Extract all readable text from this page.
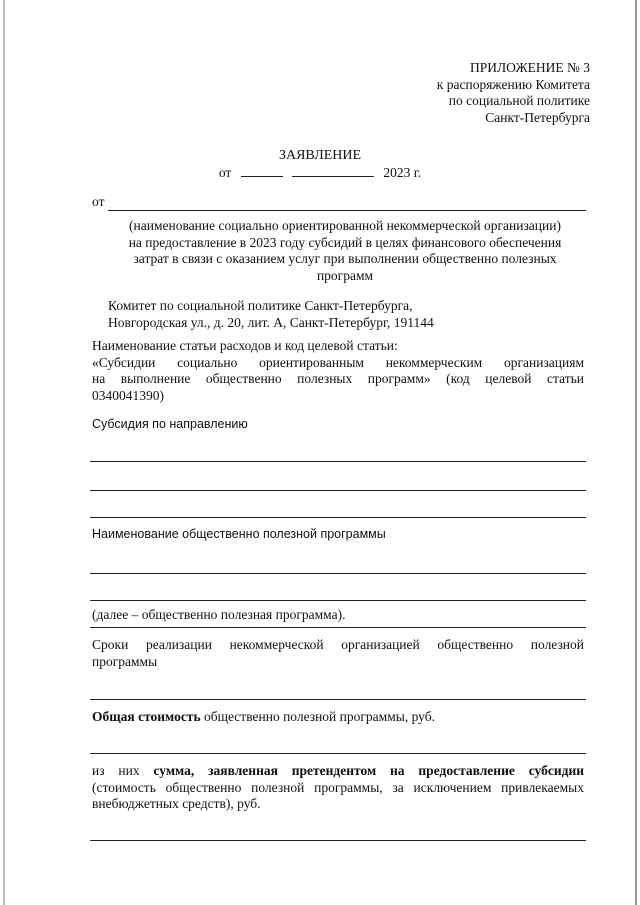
ПРИЛОЖЕНИЕ № 3
к распоряжению Комитета
по социальной политике
Санкт-Петербурга
ЗАЯВЛЕНИЕ
от	2023 г.
от
(наименование социально ориентированной некоммерческой организации)
на предоставление в 2023 году субсидий в целях финансового обеспечения
затрат в связи с оказанием услуг при выполнении общественно полезных
программ
Комитет по социальной политике Санкт-Петербурга,
Новгородская ул., д. 20, лит. А, Санкт-Петербург, 191144
Наименование статьи расходов и код целевой статьи:
«Субсидии социально ориентированным некоммерческим организациям
на выполнение общественно полезных программ» (код целевой статьи
0340041390)
Субсидия по направлению
Наименование общественно полезной программы
(далее – общественно полезная программа).
Сроки реализации некоммерческой организацией общественно полезной
программы
Общая стоимость общественно полезной программы, руб.
из них сумма, заявленная претендентом на предоставление субсидии
(стоимость общественно полезной программы, за исключением привлекаемых
внебюджетных средств), руб.
